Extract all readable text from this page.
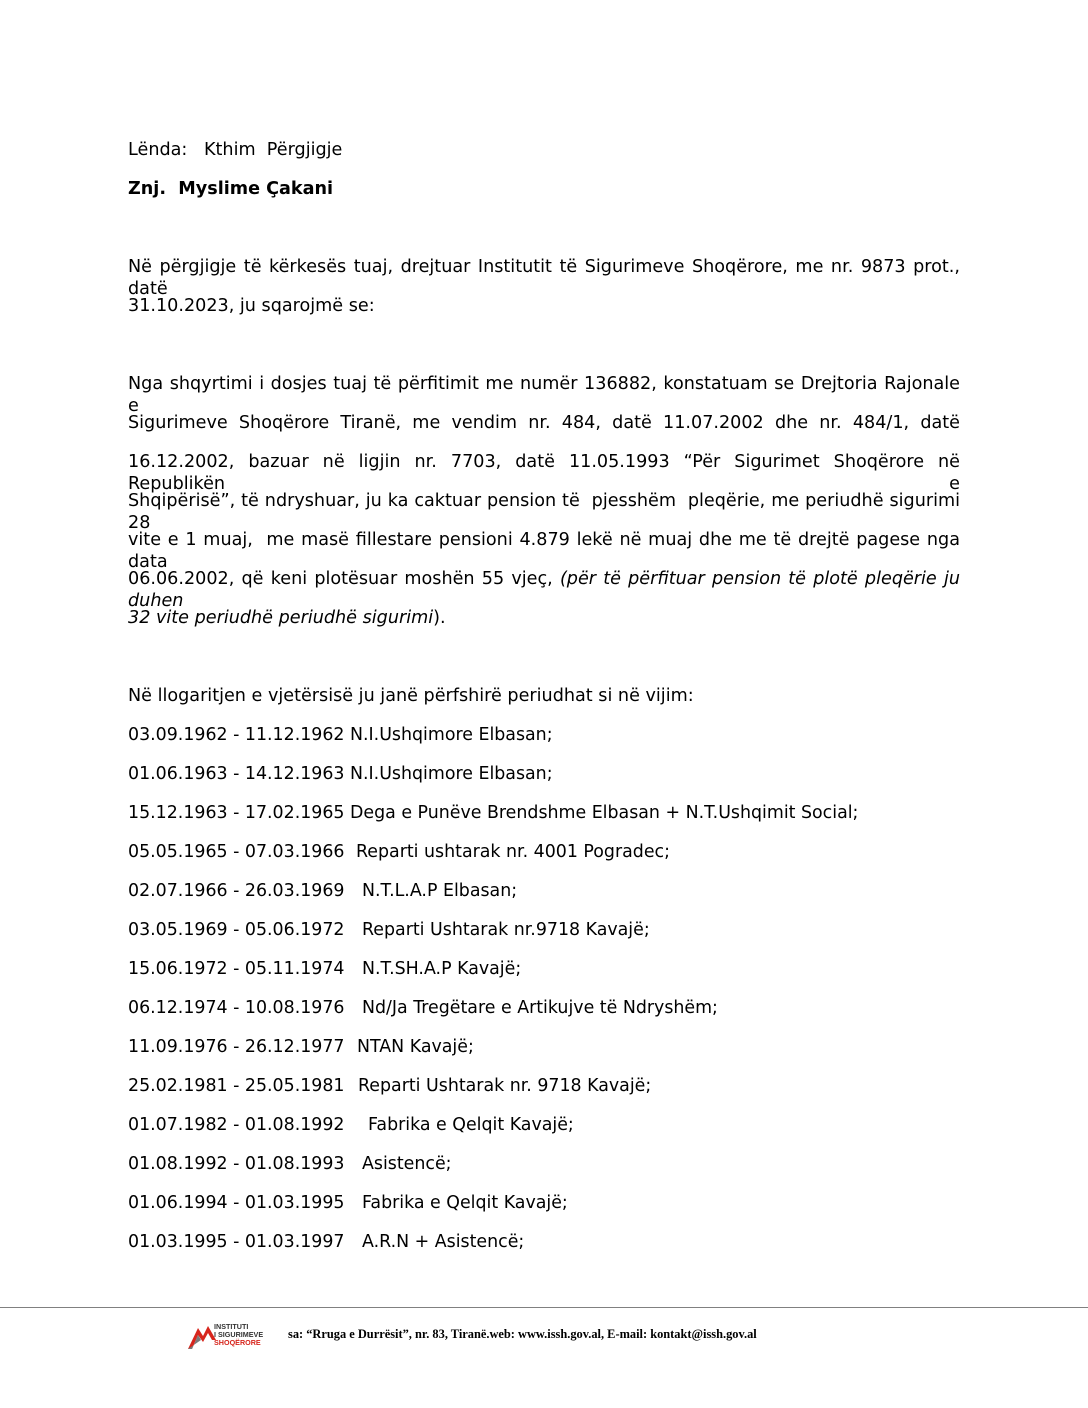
Lënda: Kthim  Përgjigje
Znj.  Myslime Çakani
Në përgjigje të kërkesës tuaj, drejtuar Institutit të Sigurimeve Shoqërore, me nr. 9873 prot., datë
31.10.2023, ju sqarojmë se:
Nga shqyrtimi i dosjes tuaj të përfitimit me numër 136882, konstatuam se Drejtoria Rajonale e
Sigurimeve Shoqërore Tiranë, me vendim nr. 484, datë 11.07.2002 dhe nr. 484/1, datë
16.12.2002, bazuar në ligjin nr. 7703, datë 11.05.1993 “Për Sigurimet Shoqërore në Republikën e
Shqipërisë”, të ndryshuar, ju ka caktuar pension të  pjesshëm  pleqërie, me periudhë sigurimi 28
vite e 1 muaj,  me masë fillestare pensioni 4.879 lekë në muaj dhe me të drejtë pagese nga data
06.06.2002, që keni plotësuar moshën 55 vjeç, (për të përfituar pension të plotë pleqërie ju duhen
32 vite periudhë periudhë sigurimi).
Në llogaritjen e vjetërsisë ju janë përfshirë periudhat si në vijim:
03.09.1962 - 11.12.1962 N.I.Ushqimore Elbasan;
01.06.1963 - 14.12.1963 N.I.Ushqimore Elbasan;
15.12.1963 - 17.02.1965 Dega e Punëve Brendshme Elbasan + N.T.Ushqimit Social;
05.05.1965 - 07.03.1966 Reparti ushtarak nr. 4001 Pogradec;
02.07.1966 - 26.03.1969 N.T.L.A.P Elbasan;
03.05.1969 - 05.06.1972 Reparti Ushtarak nr.9718 Kavajë;
15.06.1972 - 05.11.1974 N.T.SH.A.P Kavajë;
06.12.1974 - 10.08.1976 Nd/Ja Tregëtare e Artikujve të Ndryshëm;
11.09.1976 - 26.12.1977 NTAN Kavajë;
25.02.1981 - 25.05.1981 Reparti Ushtarak nr. 9718 Kavajë;
01.07.1982 - 01.08.1992 Fabrika e Qelqit Kavajë;
01.08.1992 - 01.08.1993 Asistencë;
01.06.1994 - 01.03.1995 Fabrika e Qelqit Kavajë;
01.03.1995 - 01.03.1997 A.R.N + Asistencë;
INSTITUTI
I SIGURIMEVE
SHOQËRORE
sa: “Rruga e Durrësit”, nr. 83, Tiranë.web: www.issh.gov.al, E-mail: kontakt@issh.gov.al
